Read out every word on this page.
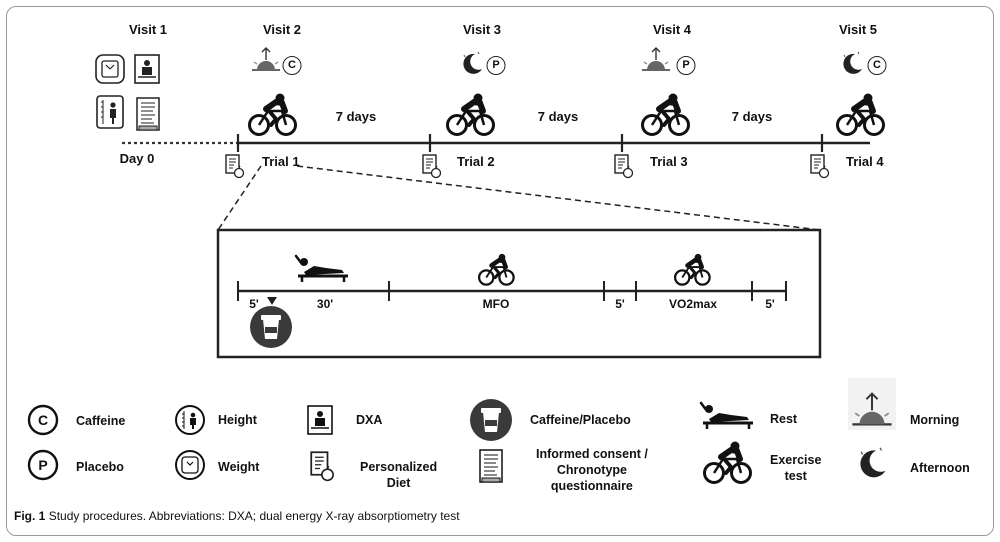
C	P	P	C
Visit 1	Visit 2	Visit 3	Visit 4	Visit 5
7 days	7 days	7 days
Day 0	Trial 1	Trial 2	Trial 3	Trial 4
5'	30'	MFO	5'	VO2max	5'
C
P
Caffeine
Placebo
Height
Weight
DXA
Personalized
Diet
Caffeine/Placebo
Informed consent /
Chronotype
questionnaire
Rest
Exercise
test
Morning
Afternoon
Fig. 1 Study procedures. Abbreviations: DXA; dual energy X-ray absorptiometry test
